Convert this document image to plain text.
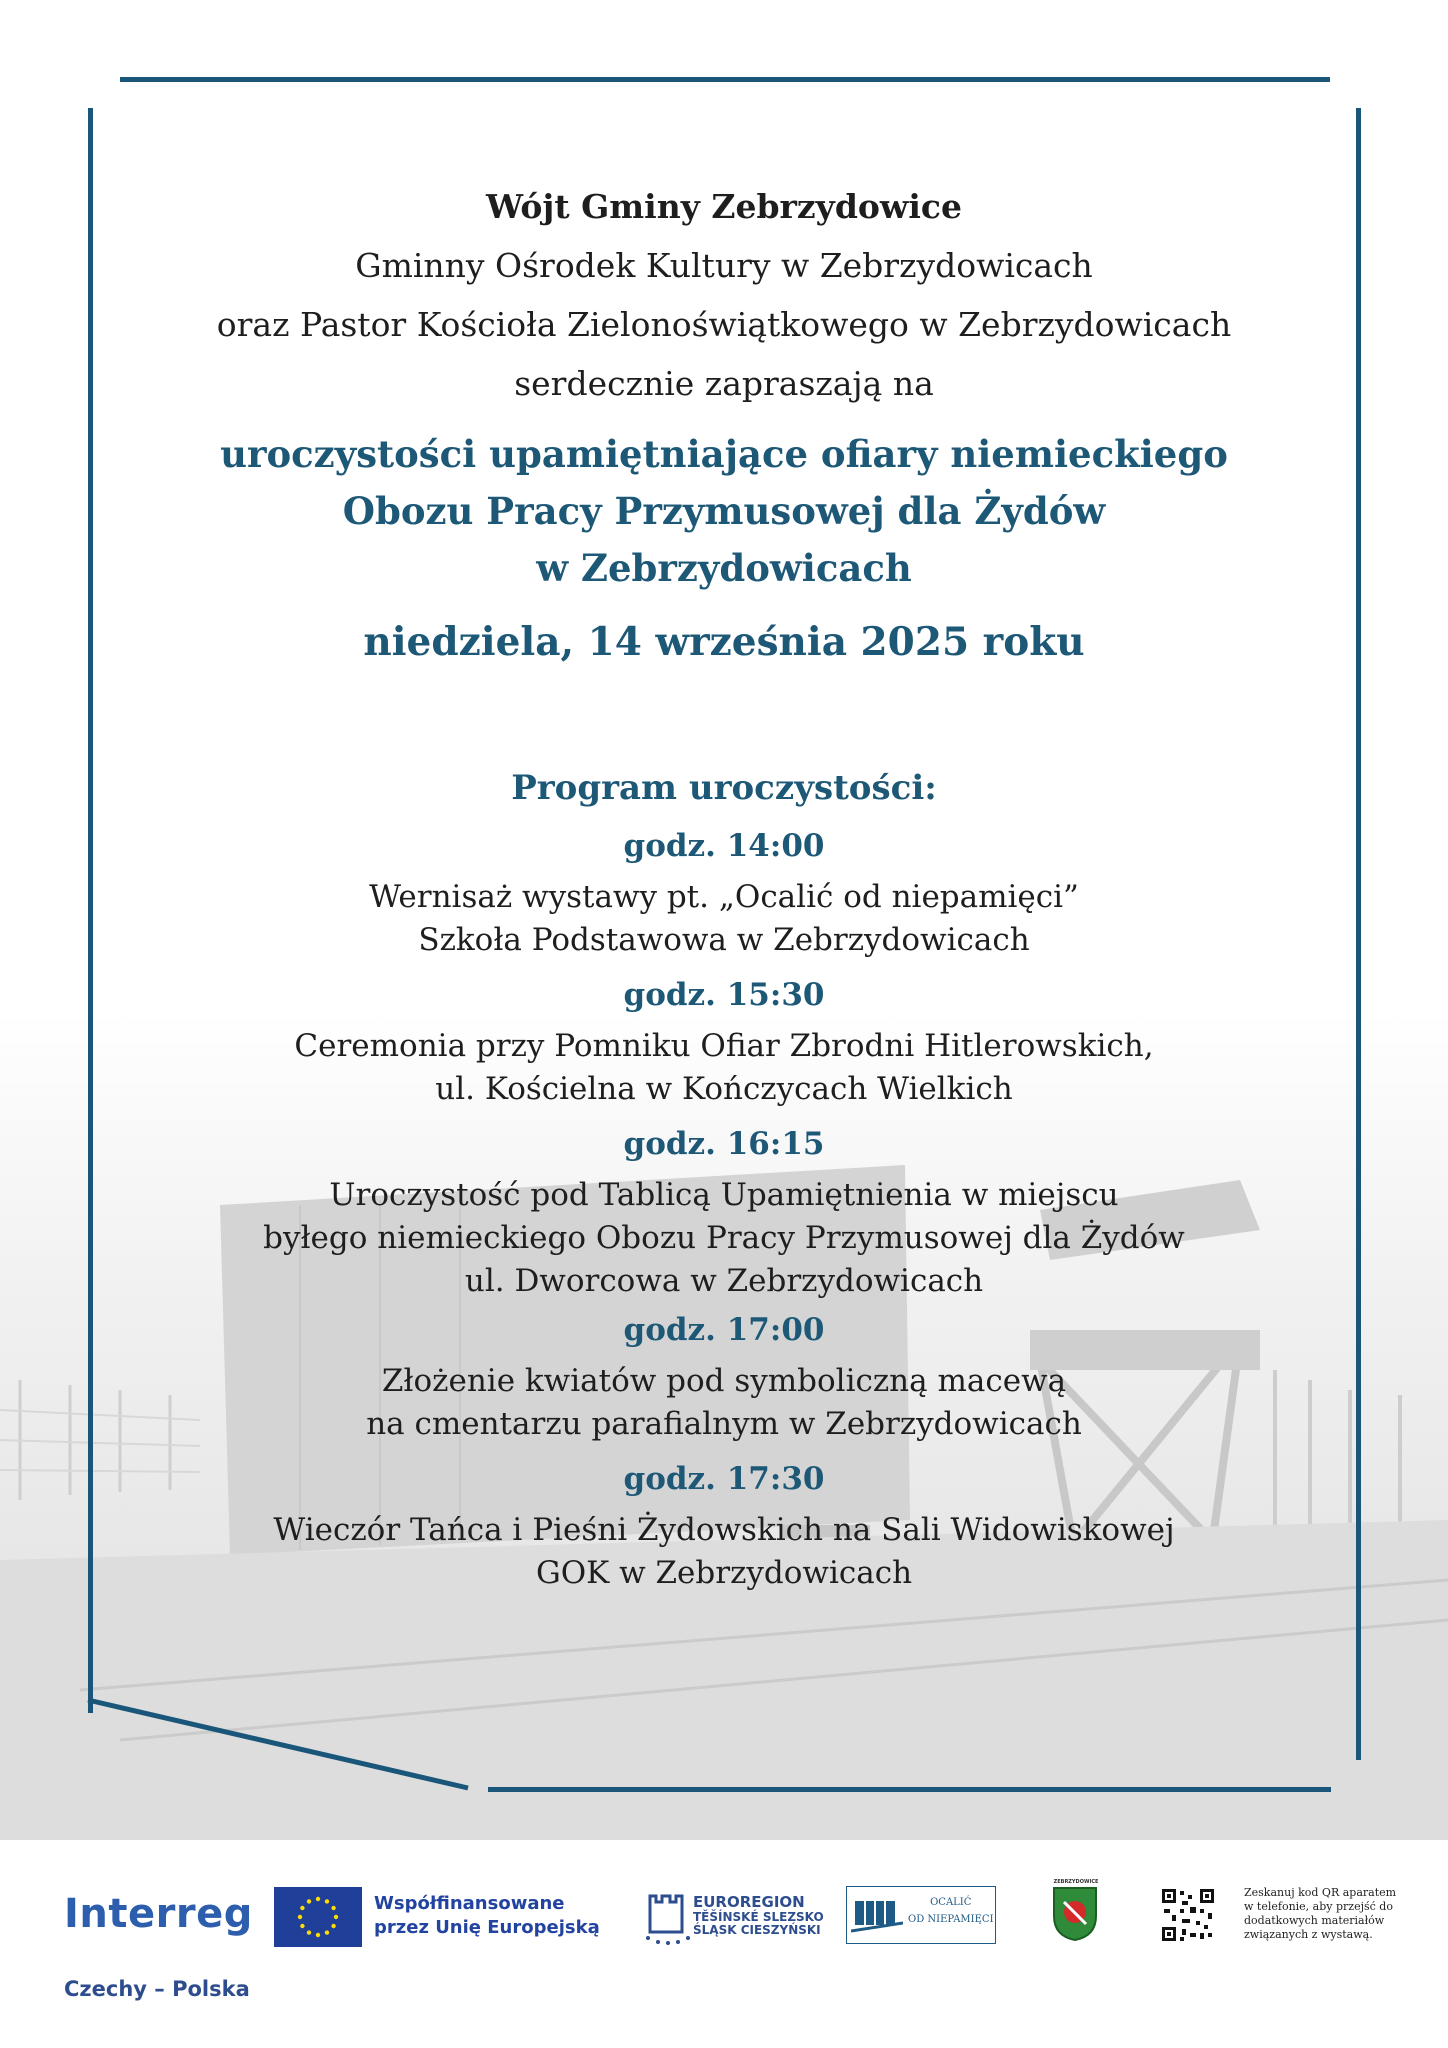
Wójt Gminy Zebrzydowice
Gminny Ośrodek Kultury w Zebrzydowicach
oraz Pastor Kościoła Zielonoświątkowego w Zebrzydowicach
serdecznie zapraszają na
uroczystości upamiętniające ofiary niemieckiego
Obozu Pracy Przymusowej dla Żydów
w Zebrzydowicach
niedziela, 14 września 2025 roku
Program uroczystości:
godz. 14:00
Wernisaż wystawy pt. „Ocalić od niepamięci”
Szkoła Podstawowa w Zebrzydowicach
godz. 15:30
Ceremonia przy Pomniku Ofiar Zbrodni Hitlerowskich,
ul. Kościelna w Kończycach Wielkich
godz. 16:15
Uroczystość pod Tablicą Upamiętnienia w miejscu
byłego niemieckiego Obozu Pracy Przymusowej dla Żydów
ul. Dworcowa w Zebrzydowicach
godz. 17:00
Złożenie kwiatów pod symboliczną macewą
na cmentarzu parafialnym w Zebrzydowicach
godz. 17:30
Wieczór Tańca i Pieśni Żydowskich na Sali Widowiskowej
GOK w Zebrzydowicach
Interreg
Czechy – Polska
Współfinansowane
przez Unię Europejską
EUROREGION
TĚŠÍNSKÉ SLEZSKO
ŚLĄSK CIESZYŃSKI
OCALIĆ
OD NIEPAMIĘCI
ZEBRZYDOWICE
Zeskanuj kod QR aparatem
w telefonie, aby przejść do
dodatkowych materiałów
związanych z wystawą.
